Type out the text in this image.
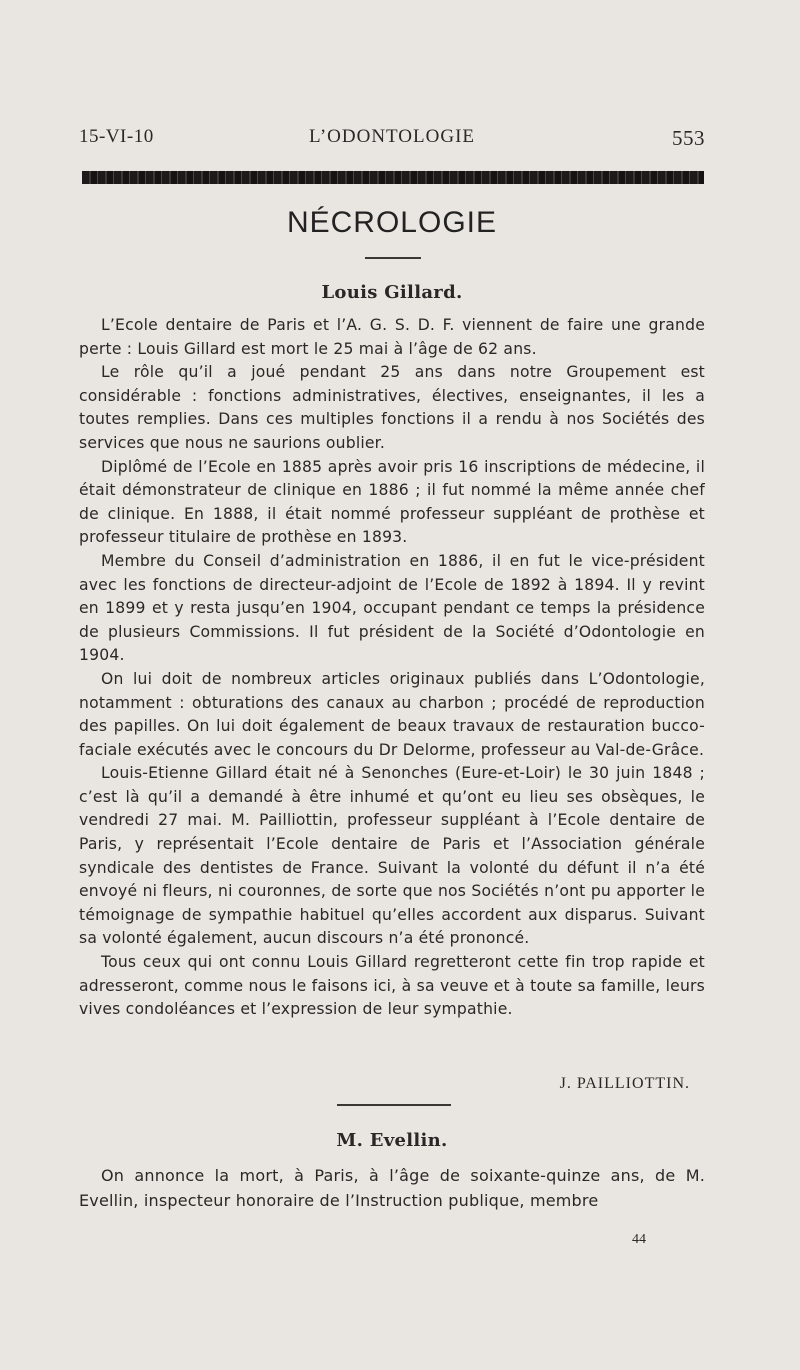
15-VI-10	L’ODONTOLOGIE	553
NÉCROLOGIE
Louis Gillard.

L’Ecole dentaire de Paris et l’A. G. S. D. F. viennent de faire une grande perte : Louis Gillard est mort le 25 mai à l’âge de 62 ans.

Le rôle qu’il a joué pendant 25 ans dans notre Groupement est considérable : fonctions administratives, électives, enseignantes, il les a toutes remplies. Dans ces multiples fonctions il a rendu à nos Sociétés des services que nous ne saurions oublier.

Diplômé de l’Ecole en 1885 après avoir pris 16 inscriptions de médecine, il était démonstrateur de clinique en 1886 ; il fut nommé la même année chef de clinique. En 1888, il était nommé professeur suppléant de prothèse et professeur titulaire de prothèse en 1893.

Membre du Conseil d’administration en 1886, il en fut le vice-président avec les fonctions de directeur-adjoint de l’Ecole de 1892 à 1894. Il y revint en 1899 et y resta jusqu’en 1904, occupant pendant ce temps la présidence de plusieurs Commissions. Il fut président de la Société d’Odontologie en 1904.

On lui doit de nombreux articles originaux publiés dans L’Odontologie, notamment : obturations des canaux au charbon ; procédé de reproduction des papilles. On lui doit également de beaux travaux de restauration bucco-faciale exécutés avec le concours du Dr Delorme, professeur au Val-de-Grâce.

Louis-Etienne Gillard était né à Senonches (Eure-et-Loir) le 30 juin 1848 ; c’est là qu’il a demandé à être inhumé et qu’ont eu lieu ses obsèques, le vendredi 27 mai. M. Pailliottin, professeur suppléant à l’Ecole dentaire de Paris, y représentait l’Ecole dentaire de Paris et l’Association générale syndicale des dentistes de France. Suivant la volonté du défunt il n’a été envoyé ni fleurs, ni couronnes, de sorte que nos Sociétés n’ont pu apporter le témoignage de sympathie habituel qu’elles accordent aux disparus. Suivant sa volonté également, aucun discours n’a été prononcé.

Tous ceux qui ont connu Louis Gillard regretteront cette fin trop rapide et adresseront, comme nous le faisons ici, à sa veuve et à toute sa famille, leurs vives condoléances et l’expression de leur sympathie.

J. PAILLIOTTIN.
M. Evellin.

On annonce la mort, à Paris, à l’âge de soixante-quinze ans, de M. Evellin, inspecteur honoraire de l’Instruction publique, membre

44
